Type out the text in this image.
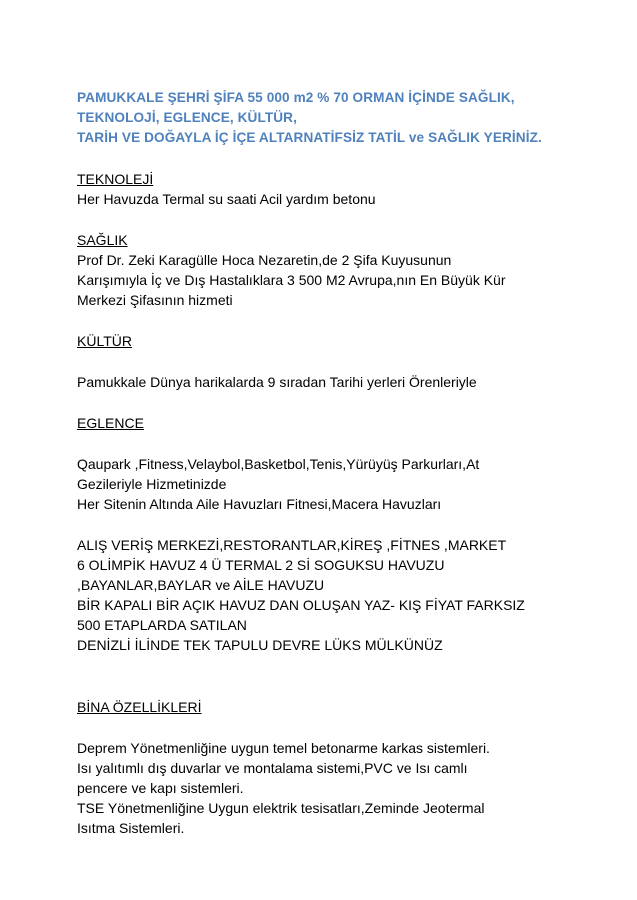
PAMUKKALE ŞEHRİ ŞİFA 55 000 m2 % 70 ORMAN İÇİNDE SAĞLIK,
TEKNOLOJİ, EGLENCE, KÜLTÜR,
TARİH VE DOĞAYLA İÇ İÇE ALTARNATİFSİZ TATİL ve SAĞLIK YERİNİZ.
TEKNOLEJİ
Her Havuzda Termal su saati Acil yardım betonu
SAĞLIK
Prof Dr. Zeki Karagülle Hoca Nezaretin,de 2 Şifa Kuyusunun
Karışımıyla İç ve Dış Hastalıklara 3 500 M2 Avrupa,nın En Büyük Kür
Merkezi Şifasının hizmeti
KÜLTÜR
Pamukkale Dünya harikalarda 9 sıradan Tarihi yerleri Örenleriyle
EGLENCE
Qaupark ,Fitness,Velaybol,Basketbol,Tenis,Yürüyüş Parkurları,At
Gezileriyle Hizmetinizde
Her Sitenin Altında Aile Havuzları Fitnesi,Macera Havuzları
ALIŞ VERİŞ MERKEZİ,RESTORANTLAR,KİREŞ ,FİTNES ,MARKET
6 OLİMPİK HAVUZ 4 Ü TERMAL 2 Sİ SOGUKSU HAVUZU
,BAYANLAR,BAYLAR ve AİLE HAVUZU
BİR KAPALI BİR AÇIK HAVUZ DAN OLUŞAN YAZ- KIŞ FİYAT FARKSIZ
500 ETAPLARDA SATILAN
DENİZLİ İLİNDE TEK TAPULU DEVRE LÜKS MÜLKÜNÜZ
BİNA ÖZELLİKLERİ
Deprem Yönetmenliğine uygun temel betonarme karkas sistemleri.
Isı yalıtımlı dış duvarlar ve montalama sistemi,PVC ve Isı camlı
pencere ve kapı sistemleri.
TSE Yönetmenliğine Uygun elektrik tesisatları,Zeminde Jeotermal
Isıtma Sistemleri.
